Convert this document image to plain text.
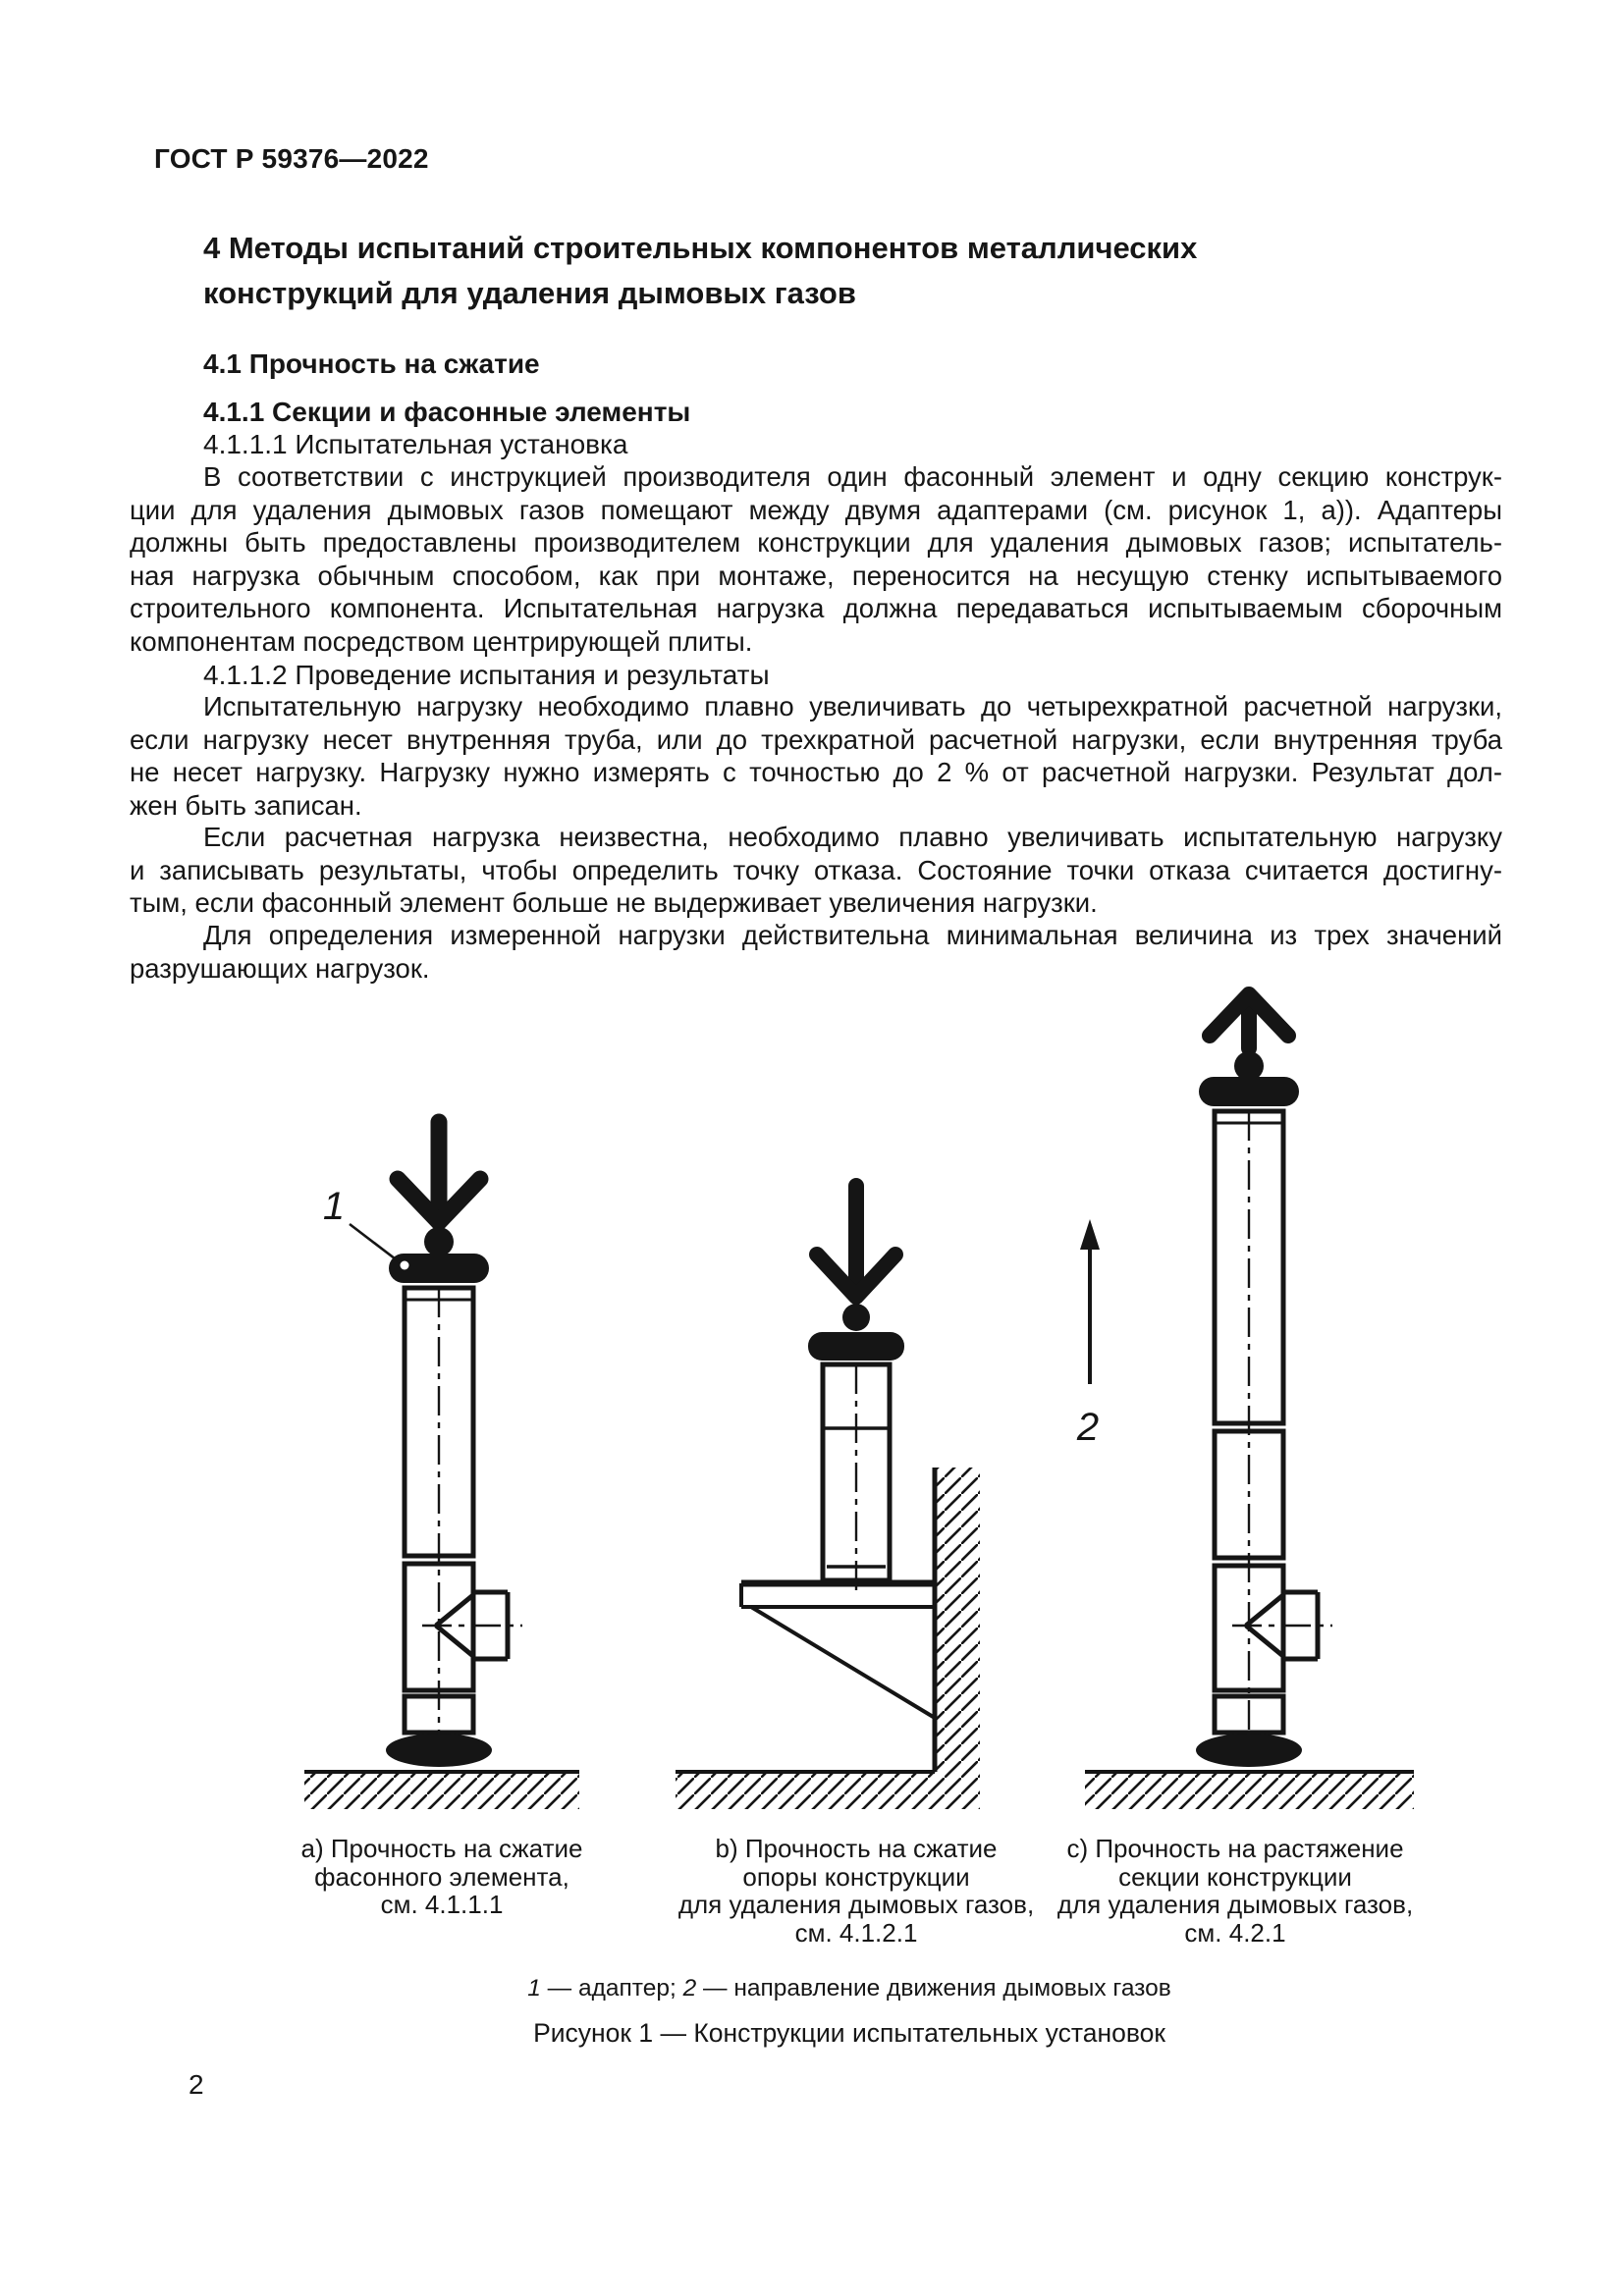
ГОСТ Р 59376—2022
4 Методы испытаний строительных компонентов металлических
конструкций для удаления дымовых газов
4.1 Прочность на сжатие
4.1.1 Секции и фасонные элементы
4.1.1.1 Испытательная установка
В соответствии с инструкцией производителя один фасонный элемент и одну секцию конструк-
ции для удаления дымовых газов помещают между двумя адаптерами (см. рисунок 1, а)). Адаптеры
должны быть предоставлены производителем конструкции для удаления дымовых газов; испытатель-
ная нагрузка обычным способом, как при монтаже, переносится на несущую стенку испытываемого
строительного компонента. Испытательная нагрузка должна передаваться испытываемым сборочным
компонентам посредством центрирующей плиты.
4.1.1.2 Проведение испытания и результаты
Испытательную нагрузку необходимо плавно увеличивать до четырехкратной расчетной нагрузки,
если нагрузку несет внутренняя труба, или до трехкратной расчетной нагрузки, если внутренняя труба
не несет нагрузку. Нагрузку нужно измерять с точностью до 2 % от расчетной нагрузки. Результат дол-
жен быть записан.
Если расчетная нагрузка неизвестна, необходимо плавно увеличивать испытательную нагрузку
и записывать результаты, чтобы определить точку отказа. Состояние точки отказа считается достигну-
тым, если фасонный элемент больше не выдерживает увеличения нагрузки.
Для определения измеренной нагрузки действительна минимальная величина из трех значений
разрушающих нагрузок.
1
2
a) Прочность на сжатие
фасонного элемента,
см. 4.1.1.1
b) Прочность на сжатие
опоры конструкции
для удаления дымовых газов,
см. 4.1.2.1
c) Прочность на растяжение
секции конструкции
для удаления дымовых газов,
см. 4.2.1
1 — адаптер; 2 — направление движения дымовых газов
Рисунок 1 — Конструкции испытательных установок
2
